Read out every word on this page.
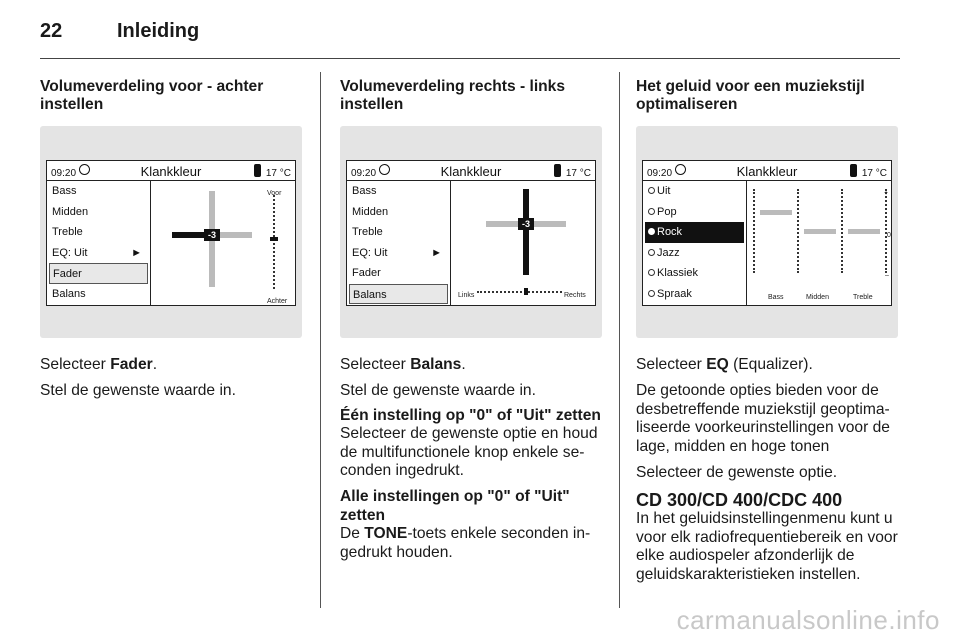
22	Inleiding
Volumeverdeling voor - achter instellen
09:20	Klankkleur	17 °C
Bass
Midden
Treble
EQ: Uit	►
Fader
Balans
-3
Voor
Achter

Selecteer Fader.

Stel de gewenste waarde in.

Volumeverdeling rechts - links instellen
09:20	Klankkleur	17 °C
Bass
Midden
Treble
EQ: Uit	►
Fader
Balans
-3
Links	Rechts

Selecteer Balans.

Stel de gewenste waarde in.

Één instelling op "0" of "Uit" zetten
Selecteer de gewenste optie en houd de multifunctionele knop enkele se-conden ingedrukt.

Alle instellingen op "0" of "Uit" zetten
De TONE-toets enkele seconden in-gedrukt houden.

Het geluid voor een muziekstijl optimaliseren
09:20	Klankkleur	17 °C
Uit
Pop
Rock
Jazz
Klassiek
Spraak
+
0
–
Bass	Midden	Treble

Selecteer EQ (Equalizer).

De getoonde opties bieden voor de desbetreffende muziekstijl geoptima-liseerde voorkeurinstellingen voor de lage, midden en hoge tonen

Selecteer de gewenste optie.

CD 300/CD 400/CDC 400

In het geluidsinstellingenmenu kunt u voor elk radiofrequentiebereik en voor elke audiospeler afzonderlijk de geluidskarakteristieken instellen.

carmanualsonline.info
